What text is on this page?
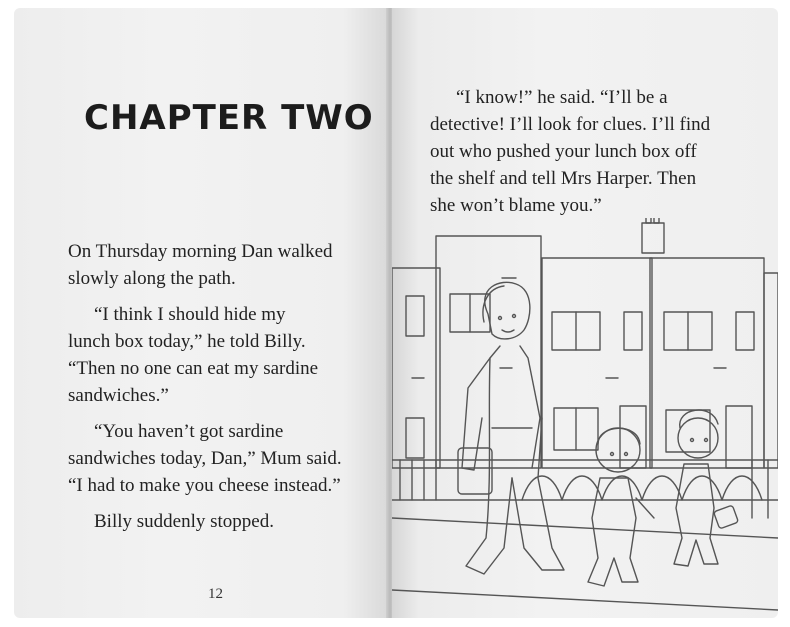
CHAPTER TWO

On Thursday morning Dan walked
slowly along the path.

“I think I should hide my
lunch box today,” he told Billy.
“Then no one can eat my sardine
sandwiches.”

“You haven’t got sardine
sandwiches today, Dan,” Mum said.
“I had to make you cheese instead.”

Billy suddenly stopped.

12

“I know!” he said. “I’ll be a
detective! I’ll look for clues. I’ll find
out who pushed your lunch box off
the shelf and tell Mrs Harper. Then
she won’t blame you.”
